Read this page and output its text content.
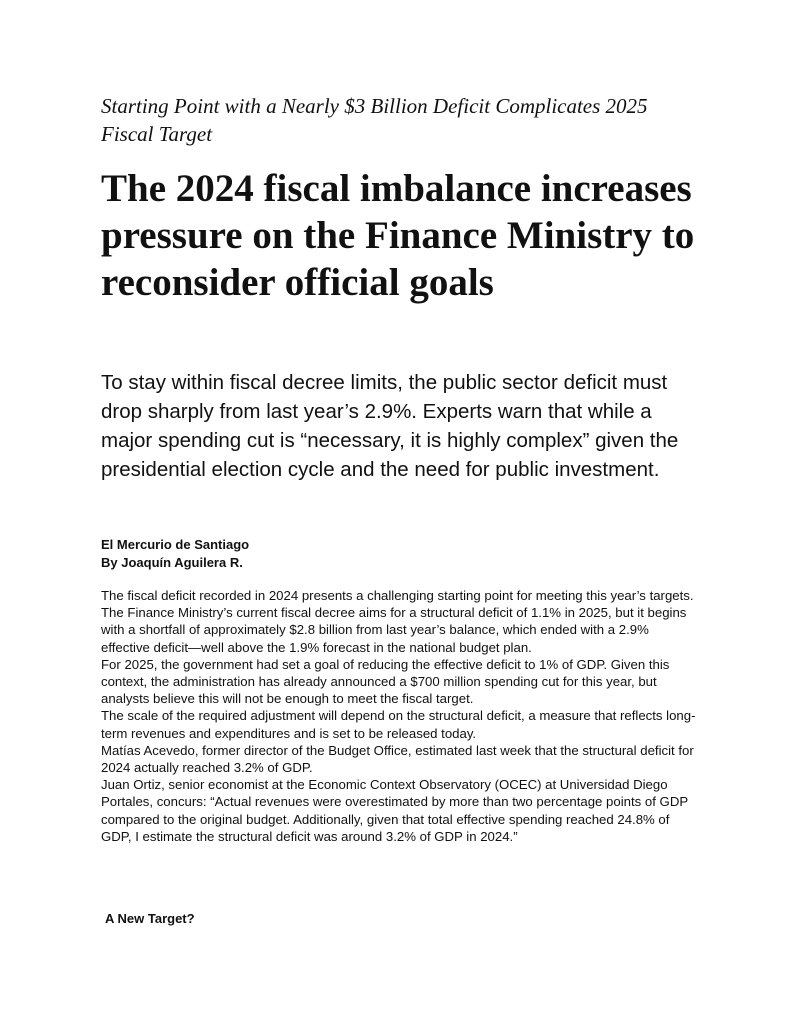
Starting Point with a Nearly $3 Billion Deficit Complicates 2025 Fiscal Target
The 2024 fiscal imbalance increases pressure on the Finance Ministry to reconsider official goals

To stay within fiscal decree limits, the public sector deficit must drop sharply from last year’s 2.9%. Experts warn that while a major spending cut is “necessary, it is highly complex” given the presidential election cycle and the need for public investment.

El Mercurio de Santiago
By Joaquín Aguilera R.

The fiscal deficit recorded in 2024 presents a challenging starting point for meeting this year’s targets. The Finance Ministry’s current fiscal decree aims for a structural deficit of 1.1% in 2025, but it begins with a shortfall of approximately $2.8 billion from last year’s balance, which ended with a 2.9% effective deficit—well above the 1.9% forecast in the national budget plan.

For 2025, the government had set a goal of reducing the effective deficit to 1% of GDP. Given this context, the administration has already announced a $700 million spending cut for this year, but analysts believe this will not be enough to meet the fiscal target.

The scale of the required adjustment will depend on the structural deficit, a measure that reflects long-term revenues and expenditures and is set to be released today.

Matías Acevedo, former director of the Budget Office, estimated last week that the structural deficit for 2024 actually reached 3.2% of GDP.

Juan Ortiz, senior economist at the Economic Context Observatory (OCEC) at Universidad Diego Portales, concurs: “Actual revenues were overestimated by more than two percentage points of GDP compared to the original budget. Additionally, given that total effective spending reached 24.8% of GDP, I estimate the structural deficit was around 3.2% of GDP in 2024.”

A New Target?
